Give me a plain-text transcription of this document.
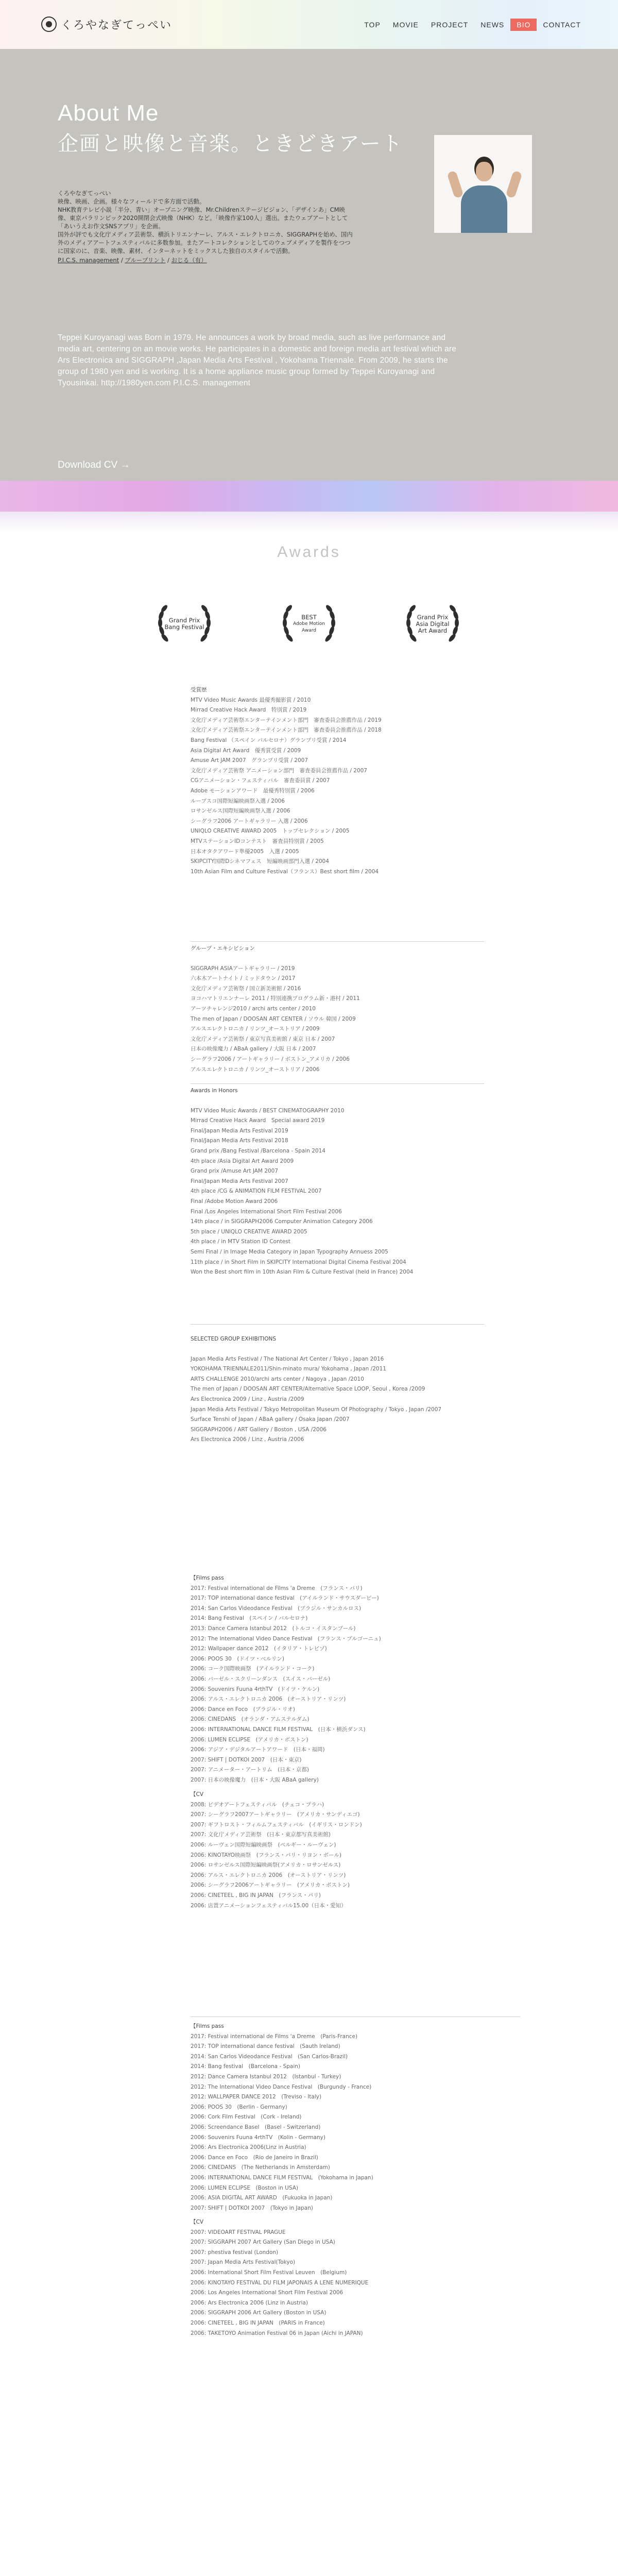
くろやなぎてっぺい	TOP	MOVIE	PROJECT	NEWS	BIO	CONTACT
About Me
企画と映像と音楽。ときどきアート
くろやなぎてっぺい
映像、映画、企画。様々なフィールドで多方面で活動。
NHK教育テレビ小説「半分、青い」オープニング映像、Mr.Childrenステージビジョン、「デザインあ」CM映
像、東京パラリンピック2020開閉会式映像（NHK）など。「映像作家100人」選出。またウェブアートとして
「あいうえお作文SNSアプリ」を企画。
国外が評でも文化庁メディア芸術祭、横浜トリエンナーレ、アルス・エレクトロニカ、SIGGRAPHを始め、国内
外のメディアアートフェスティバルに多数参加。またアートコレクションとしてのウェブメディアを製作をつつ
に国家のに、音楽、映像、素材、インターネットをミックスした独自のスタイルで活動。
P.I.C.S. management / ブループリント / おじる（有）
Teppei Kuroyanagi was Born in 1979. He announces a work by broad media, such as live performance and media art, centering on an movie works. He participates in a domestic and foreign media art festival which are Ars Electronica and SIGGRAPH ,Japan Media Arts Festival , Yokohama Triennale. From 2009, he starts the group of 1980 yen and is working. It is a home appliance music group formed by Teppei Kuroyanagi and Tyousinkai. http://1980yen.com P.I.C.S. management
Download CV →
Awards
Grand Prix
Bang Festival
BEST
Adobe Motion
Award
Grand Prix
Asia Digital
Art Award
受賞歴
MTV Video Music Awards 最優秀撮影賞 / 2010
Mirrad Creative Hack Award　特別賞 / 2019
文化庁メディア芸術祭エンターテインメント部門　審査委員会推薦作品 / 2019
文化庁メディア芸術祭エンターテインメント部門　審査委員会推薦作品 / 2018
Bang Festival （スペイン バルセロナ）グランプリ受賞 / 2014
Asia Digital Art Award　優秀賞受賞 / 2009
Amuse Art JAM 2007　グランプリ受賞 / 2007
文化庁メディア芸術祭 アニメーション部門　審査委員会推薦作品 / 2007
CGアニメーション・フェスティバル　審査委員賞 / 2007
Adobe モーションアワード　最優秀特別賞 / 2006
ループスコ国際短編映画祭入選 / 2006
ロサンゼルス国際短編映画祭入選 / 2006
シーグラフ2006 アートギャラリー 入選 / 2006
UNIQLO CREATIVE AWARD 2005　トップセレクション / 2005
MTVステーションIDコンテスト　審査員特別賞 / 2005
日本オタクアワード準優2005　入選 / 2005
SKIPCITY国際Dシネマフェス　短編映画部門入選 / 2004
10th Asian Film and Culture Festival（フランス）Best short film / 2004
グループ・エキシビション
SIGGRAPH ASIAアートギャラリー / 2019
六本木アートナイト / ミッドタウン / 2017
文化庁メディア芸術祭 / 国立新美術館 / 2016
ヨコハマトリエンナーレ 2011 / 特別連携プログラム新・港村 / 2011
アーツチャレンジ2010 / archi arts center / 2010
The men of Japan / DOOSAN ART CENTER / ソウル 韓国 / 2009
アルスエレクトロニカ / リンツ_オーストリア / 2009
文化庁メディア芸術祭 / 東京写真美術館 / 東京 日本 / 2007
日本の映像魔力 / ABaA gallery / 大阪 日本 / 2007
シーグラフ2006 / アートギャラリー / ボストン_アメリカ / 2006
アルスエレクトロニカ / リンツ_オーストリア / 2006
Awards in Honors
MTV Video Music Awards / BEST CINEMATOGRAPHY 2010
Mirrad Creative Hack Award　Special award 2019
Final/Japan Media Arts Festival 2019
Final/Japan Media Arts Festival 2018
Grand prix /Bang Festival /Barcelona - Spain 2014
4th place /Asia Digital Art Award 2009
Grand prix /Amuse Art JAM 2007
Final/Japan Media Arts Festival 2007
4th place /CG & ANIMATION FILM FESTIVAL 2007
Final /Adobe Motion Award 2006
Final /Los Angeles International Short Film Festival 2006
14th place / in SIGGRAPH2006 Computer Animation Category 2006
5th place / UNIQLO CREATIVE AWARD 2005
4th place / in MTV Station ID Contest
Semi Final / in Image Media Category in Japan Typography Annuess 2005
11th place / in Short Film in SKIPCITY International Digital Cinema Festival 2004
Won the Best short film in 10th Asian Film & Culture Festival (held in France) 2004
SELECTED GROUP EXHIBITIONS
Japan Media Arts Festival / The National Art Center / Tokyo , Japan 2016
YOKOHAMA TRIENNALE2011/Shin-minato mura/ Yokohama , Japan /2011
ARTS CHALLENGE 2010/archi arts center / Nagoya , Japan /2010
The men of Japan / DOOSAN ART CENTER/Alternative Space LOOP, Seoul , Korea /2009
Ars Electronica 2009 / Linz , Austria /2009
Japan Media Arts Festival / Tokyo Metropolitan Museum Of Photography / Tokyo , Japan /2007
Surface Tenshi of Japan / ABaA gallery / Osaka Japan /2007
SIGGRAPH2006 / ART Gallery / Boston , USA /2006
Ars Electronica 2006 / Linz , Austria /2006
【Films pass
2017: Festival international de Films 'a Dreme　(フランス・パリ)
2017: TOP international dance festival　(アイルランド・サウスダービー)
2014: San Carlos Videodance Festival　(ブラジル・サンカルロス)
2014: Bang Festival　(スペイン / バルセロナ)
2013: Dance Camera Istanbul 2012　(トルコ・イスタンブール)
2012: The International Video Dance Festival　(フランス・ブルゴーニュ)
2012: Wallpaper dance 2012　(イタリア・トレビゾ)
2006: POOS 30　(ドイツ・ベルリン)
2006: コーク国際映画祭　(アイルランド・コーク)
2006: バーゼル・スクリーンダンス　(スイス・バーゼル)
2006: Souvenirs Fuuna 4rthTV　(ドイツ・ケルン)
2006: アルス・エレクトロニカ 2006　(オーストリア・リンツ)
2006: Dance en Foco　(ブラジル・リオ)
2006: CINEDANS　(オランダ・アムステルダム)
2006: INTERNATIONAL DANCE FILM FESTIVAL　(日本・横浜ダンス)
2006: LUMEN ECLIPSE　(アメリカ・ボストン)
2006: アジア・デジタルアートアワード　(日本・福岡)
2007: SHIFT | DOTKOI 2007　(日本・東京)
2007: アニメーター・アートリム　(日本・京都)
2007: 日本の映像魔力　(日本・大阪 ABaA gallery)
【CV
2008: ビデオアートフェスティバル　(チェコ・プラハ)
2007: シーグラフ2007アートギャラリー　(アメリカ・サンディエゴ)
2007: ギフトロスト・フィルムフェスティバル　(イギリス・ロンドン)
2007: 文化庁メディア芸術祭　(日本・東京都写真美術館)
2006: ルーヴェン国際短編映画祭　(ベルギー・ルーヴェン)
2006: KINOTAYO映画祭　(フランス・パリ・リヨン・ボール)
2006: ロサンゼルス国際短編映画祭(アメリカ・ロサンゼルス)
2006: アルス・エレクトロニカ 2006　(オーストリア・リンツ)
2006: シーグラフ2006アートギャラリー　(アメリカ・ボストン)
2006: CINETEEL , BIG IN JAPAN　(フランス・パリ)
2006: 店置アニメーションフェスティバル15.00（日本・愛知）
【Films pass
2017: Festival international de Films 'a Dreme　(Paris-France)
2017: TOP international dance festival　(Sauth Ireland)
2014: San Carlos Videodance Festival　(San Carlos-Brazil)
2014: Bang festival　(Barcelona - Spain)
2012: Dance Camera Istanbul 2012　(Istanbul - Turkey)
2012: The International Video Dance Festival　(Burgundy - France)
2012: WALLPAPER DANCE 2012　(Treviso - Italy)
2006: POOS 30　(Berlin - Germany)
2006: Cork Film Festival　(Cork - Ireland)
2006: Screendance Basel　(Basel - Switzerland)
2006: Souvenirs Fuuna 4rthTV　(Kolin - Germany)
2006: Ars Electronica 2006(Linz in Austria)
2006: Dance en Foco　(Rio de Janeiro in Brazil)
2006: CINEDANS　(The Netherlands in Amsterdam)
2006: INTERNATIONAL DANCE FILM FESTIVAL　(Yokohama in Japan)
2006: LUMEN ECLIPSE　(Boston in USA)
2006: ASIA DIGITAL ART AWARD　(Fukuoka in Japan)
2007: SHIFT | DOTKOI 2007　(Tokyo in Japan)
【CV
2007: VIDEOART FESTIVAL PRAGUE
2007: SIGGRAPH 2007 Art Gallery (San Diego in USA)
2007: phestiva festival (London)
2007: Japan Media Arts Festival(Tokyo)
2006: International Short Film Festival Leuven　(Belgium)
2006: KINOTAYO FESTIVAL DU FILM JAPONAIS A LENE NUMERIQUE
2006: Los Angeles International Short Film Festival 2006
2006: Ars Electronica 2006 (Linz in Austria)
2006: SIGGRAPH 2006 Art Gallery (Boston in USA)
2006: CINETEEL , BIG IN JAPAN　(PARIS in France)
2006: TAKETOYO Animation Festival 06 in Japan (Aichi in JAPAN)
